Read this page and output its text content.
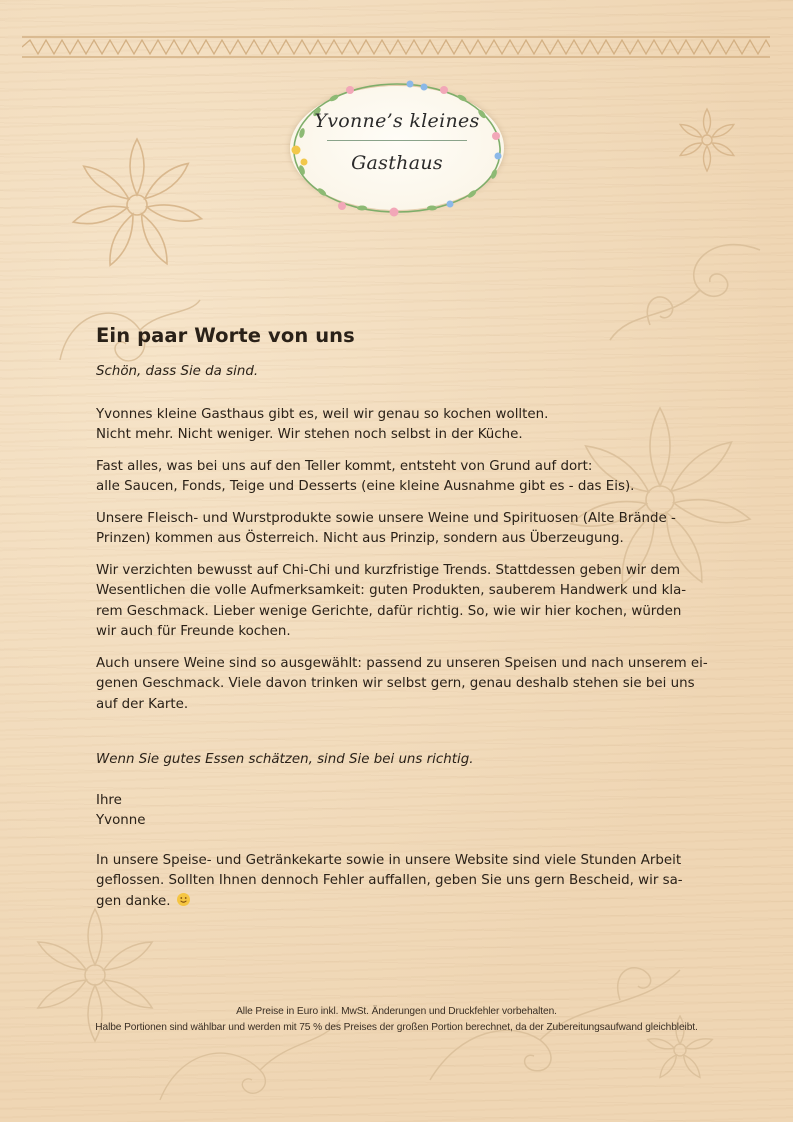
Yvonne’s kleines
Gasthaus
Ein paar Worte von uns

Schön, dass Sie da sind.

Yvonnes kleine Gasthaus gibt es, weil wir genau so kochen wollten.
Nicht mehr. Nicht weniger. Wir stehen noch selbst in der Küche.

Fast alles, was bei uns auf den Teller kommt, entsteht von Grund auf dort:
alle Saucen, Fonds, Teige und Desserts (eine kleine Ausnahme gibt es - das Eis).

Unsere Fleisch- und Wurstprodukte sowie unsere Weine und Spirituosen (Alte Brände -
Prinzen) kommen aus Österreich. Nicht aus Prinzip, sondern aus Überzeugung.

Wir verzichten bewusst auf Chi-Chi und kurzfristige Trends. Stattdessen geben wir dem
Wesentlichen die volle Aufmerksamkeit: guten Produkten, sauberem Handwerk und kla-
rem Geschmack. Lieber wenige Gerichte, dafür richtig. So, wie wir hier kochen, würden
wir auch für Freunde kochen.

Auch unsere Weine sind so ausgewählt: passend zu unseren Speisen und nach unserem ei-
genen Geschmack. Viele davon trinken wir selbst gern, genau deshalb stehen sie bei uns
auf der Karte.

Wenn Sie gutes Essen schätzen, sind Sie bei uns richtig.

Ihre
Yvonne

In unsere Speise- und Getränkekarte sowie in unsere Website sind viele Stunden Arbeit
geflossen. Sollten Ihnen dennoch Fehler auffallen, geben Sie uns gern Bescheid, wir sa-
gen danke.

Alle Preise in Euro inkl. MwSt. Änderungen und Druckfehler vorbehalten.
Halbe Portionen sind wählbar und werden mit 75 % des Preises der großen Portion berechnet, da der Zubereitungsaufwand gleichbleibt.
